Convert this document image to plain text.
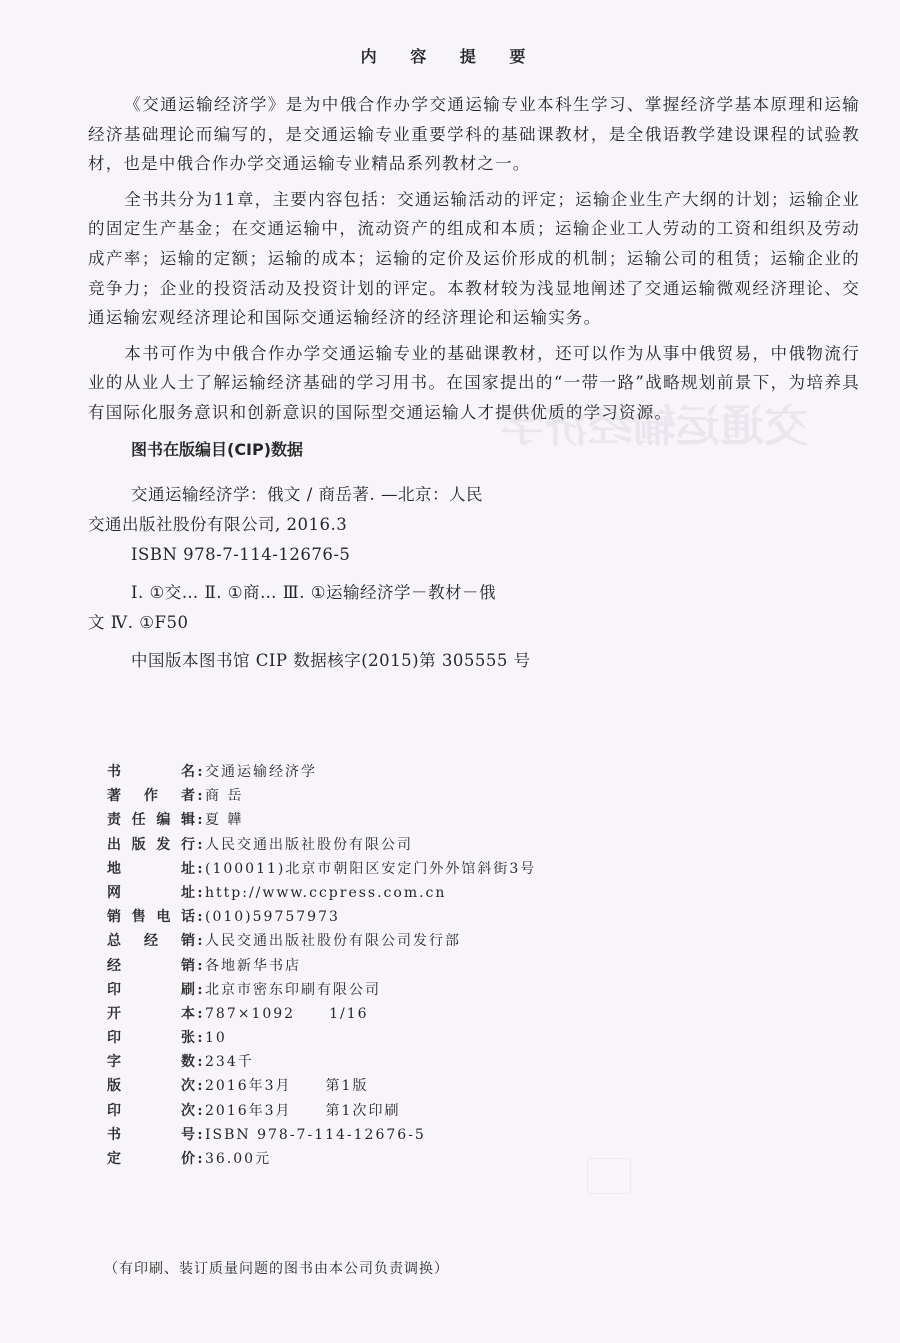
交通运输经济学
内 容 提 要

《交通运输经济学》是为中俄合作办学交通运输专业本科生学习、掌握经济学基本原理和运输经济基础理论而编写的，是交通运输专业重要学科的基础课教材，是全俄语教学建设课程的试验教材，也是中俄合作办学交通运输专业精品系列教材之一。

全书共分为11章，主要内容包括：交通运输活动的评定；运输企业生产大纲的计划；运输企业的固定生产基金；在交通运输中，流动资产的组成和本质；运输企业工人劳动的工资和组织及劳动成产率；运输的定额；运输的成本；运输的定价及运价形成的机制；运输公司的租赁；运输企业的竞争力；企业的投资活动及投资计划的评定。本教材较为浅显地阐述了交通运输微观经济理论、交通运输宏观经济理论和国际交通运输经济的经济理论和运输实务。

本书可作为中俄合作办学交通运输专业的基础课教材，还可以作为从事中俄贸易，中俄物流行业的从业人士了解运输经济基础的学习用书。在国家提出的“一带一路”战略规划前景下，为培养具有国际化服务意识和创新意识的国际型交通运输人才提供优质的学习资源。

图书在版编目(CIP)数据
交通运输经济学：俄文 / 商岳著. —北京：人民
交通出版社股份有限公司, 2016.3
ISBN 978-7-114-12676-5
Ⅰ. ①交… Ⅱ. ①商… Ⅲ. ①运输经济学－教材－俄
文 Ⅳ. ①F50
中国版本图书馆 CIP 数据核字(2015)第 305555 号
书	名 : 交通运输经济学
著 作 者 : 商 岳
责 任 编 辑 : 夏 韡
出 版 发 行 : 人民交通出版社股份有限公司
地	址 : (100011)北京市朝阳区安定门外外馆斜街3号
网	址 : http://www.ccpress.com.cn
销 售 电 话 : (010)59757973
总 经 销 : 人民交通出版社股份有限公司发行部
经	销 : 各地新华书店
印	刷 : 北京市密东印刷有限公司
开	本 : 787×1092 1/16
印	张 : 10
字	数 : 234千
版	次 : 2016年3月 第1版
印	次 : 2016年3月 第1次印刷
书	号 : ISBN 978-7-114-12676-5
定	价 : 36.00元
（有印刷、装订质量问题的图书由本公司负责调换）
